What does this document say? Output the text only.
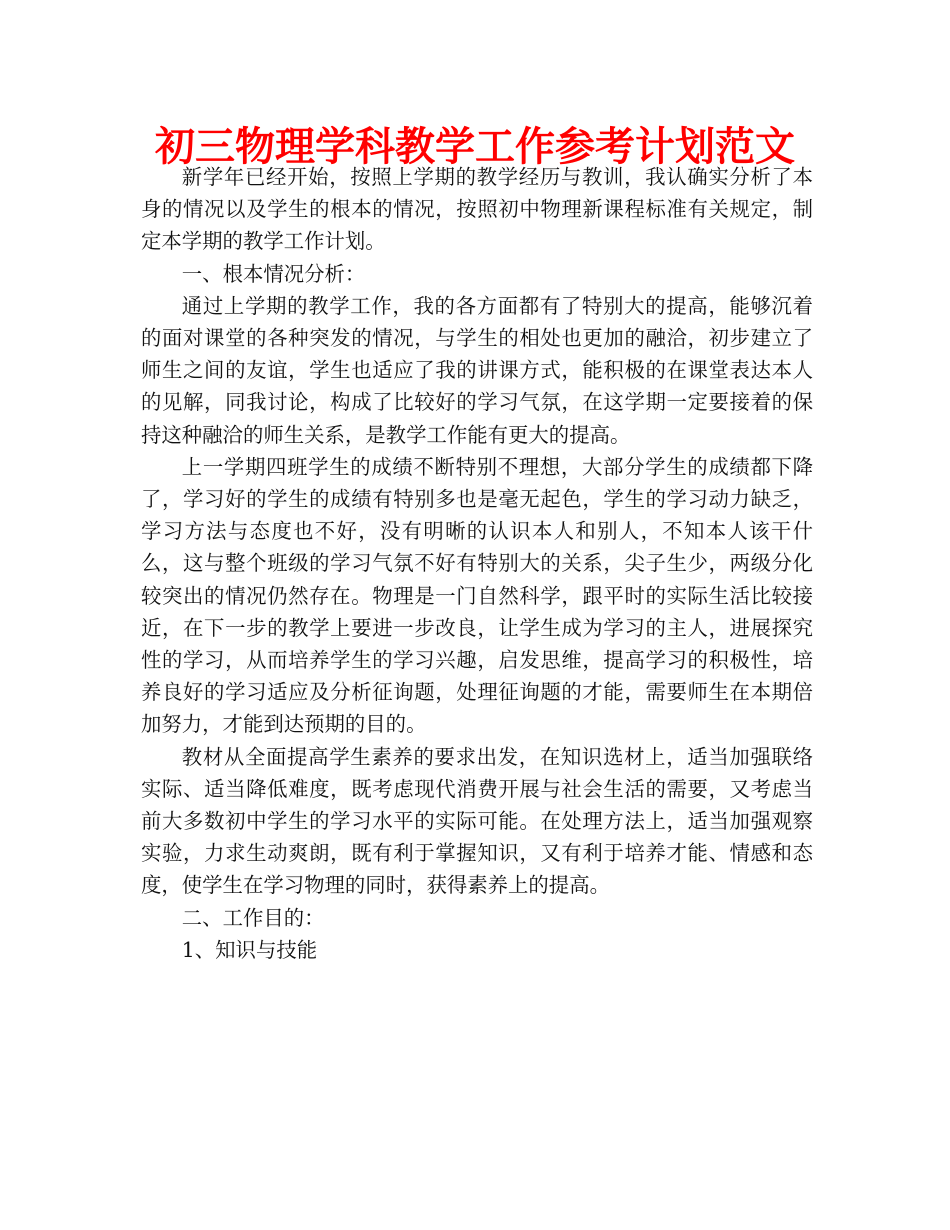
初三物理学科教学工作参考计划范文

新学年已经开始，按照上学期的教学经历与教训，我认确实分析了本身的情况以及学生的根本的情况，按照初中物理新课程标准有关规定，制定本学期的教学工作计划。

一、根本情况分析：

通过上学期的教学工作，我的各方面都有了特别大的提高，能够沉着的面对课堂的各种突发的情况，与学生的相处也更加的融洽，初步建立了师生之间的友谊，学生也适应了我的讲课方式，能积极的在课堂表达本人的见解，同我讨论，构成了比较好的学习气氛，在这学期一定要接着的保持这种融洽的师生关系，是教学工作能有更大的提高。

上一学期四班学生的成绩不断特别不理想，大部分学生的成绩都下降了，学习好的学生的成绩有特别多也是毫无起色，学生的学习动力缺乏，学习方法与态度也不好，没有明晰的认识本人和别人，不知本人该干什么，这与整个班级的学习气氛不好有特别大的关系，尖子生少，两级分化较突出的情况仍然存在。物理是一门自然科学，跟平时的实际生活比较接近，在下一步的教学上要进一步改良，让学生成为学习的主人，进展探究性的学习，从而培养学生的学习兴趣，启发思维，提高学习的积极性，培养良好的学习适应及分析征询题，处理征询题的才能，需要师生在本期倍加努力，才能到达预期的目的。

教材从全面提高学生素养的要求出发，在知识选材上，适当加强联络实际、适当降低难度，既考虑现代消费开展与社会生活的需要，又考虑当前大多数初中学生的学习水平的实际可能。在处理方法上，适当加强观察实验，力求生动爽朗，既有利于掌握知识，又有利于培养才能、情感和态度，使学生在学习物理的同时，获得素养上的提高。

二、工作目的：

1、知识与技能
